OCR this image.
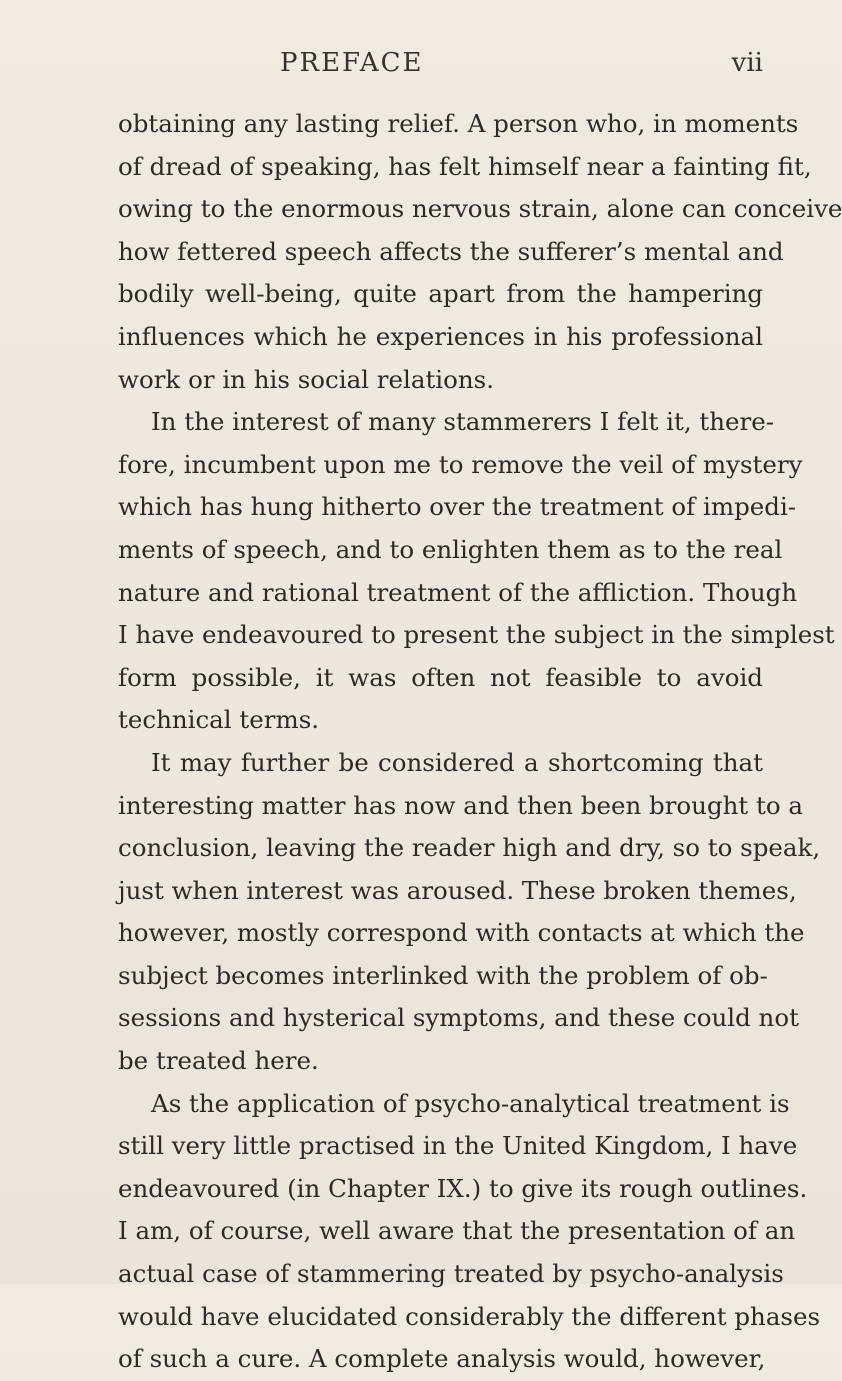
PREFACE	vii
obtaining any lasting relief. A person who, in moments
of dread of speaking, has felt himself near a fainting fit,
owing to the enormous nervous strain, alone can conceive
how fettered speech affects the sufferer’s mental and
bodily well-being, quite apart from the hampering
influences which he experiences in his professional
work or in his social relations.
In the interest of many stammerers I felt it, there-
fore, incumbent upon me to remove the veil of mystery
which has hung hitherto over the treatment of impedi-
ments of speech, and to enlighten them as to the real
nature and rational treatment of the affliction. Though
I have endeavoured to present the subject in the simplest
form possible, it was often not feasible to avoid
technical terms.
It may further be considered a shortcoming that
interesting matter has now and then been brought to a
conclusion, leaving the reader high and dry, so to speak,
just when interest was aroused. These broken themes,
however, mostly correspond with contacts at which the
subject becomes interlinked with the problem of ob-
sessions and hysterical symptoms, and these could not
be treated here.
As the application of psycho-analytical treatment is
still very little practised in the United Kingdom, I have
endeavoured (in Chapter IX.) to give its rough outlines.
I am, of course, well aware that the presentation of an
actual case of stammering treated by psycho-analysis
would have elucidated considerably the different phases
of such a cure. A complete analysis would, however,
